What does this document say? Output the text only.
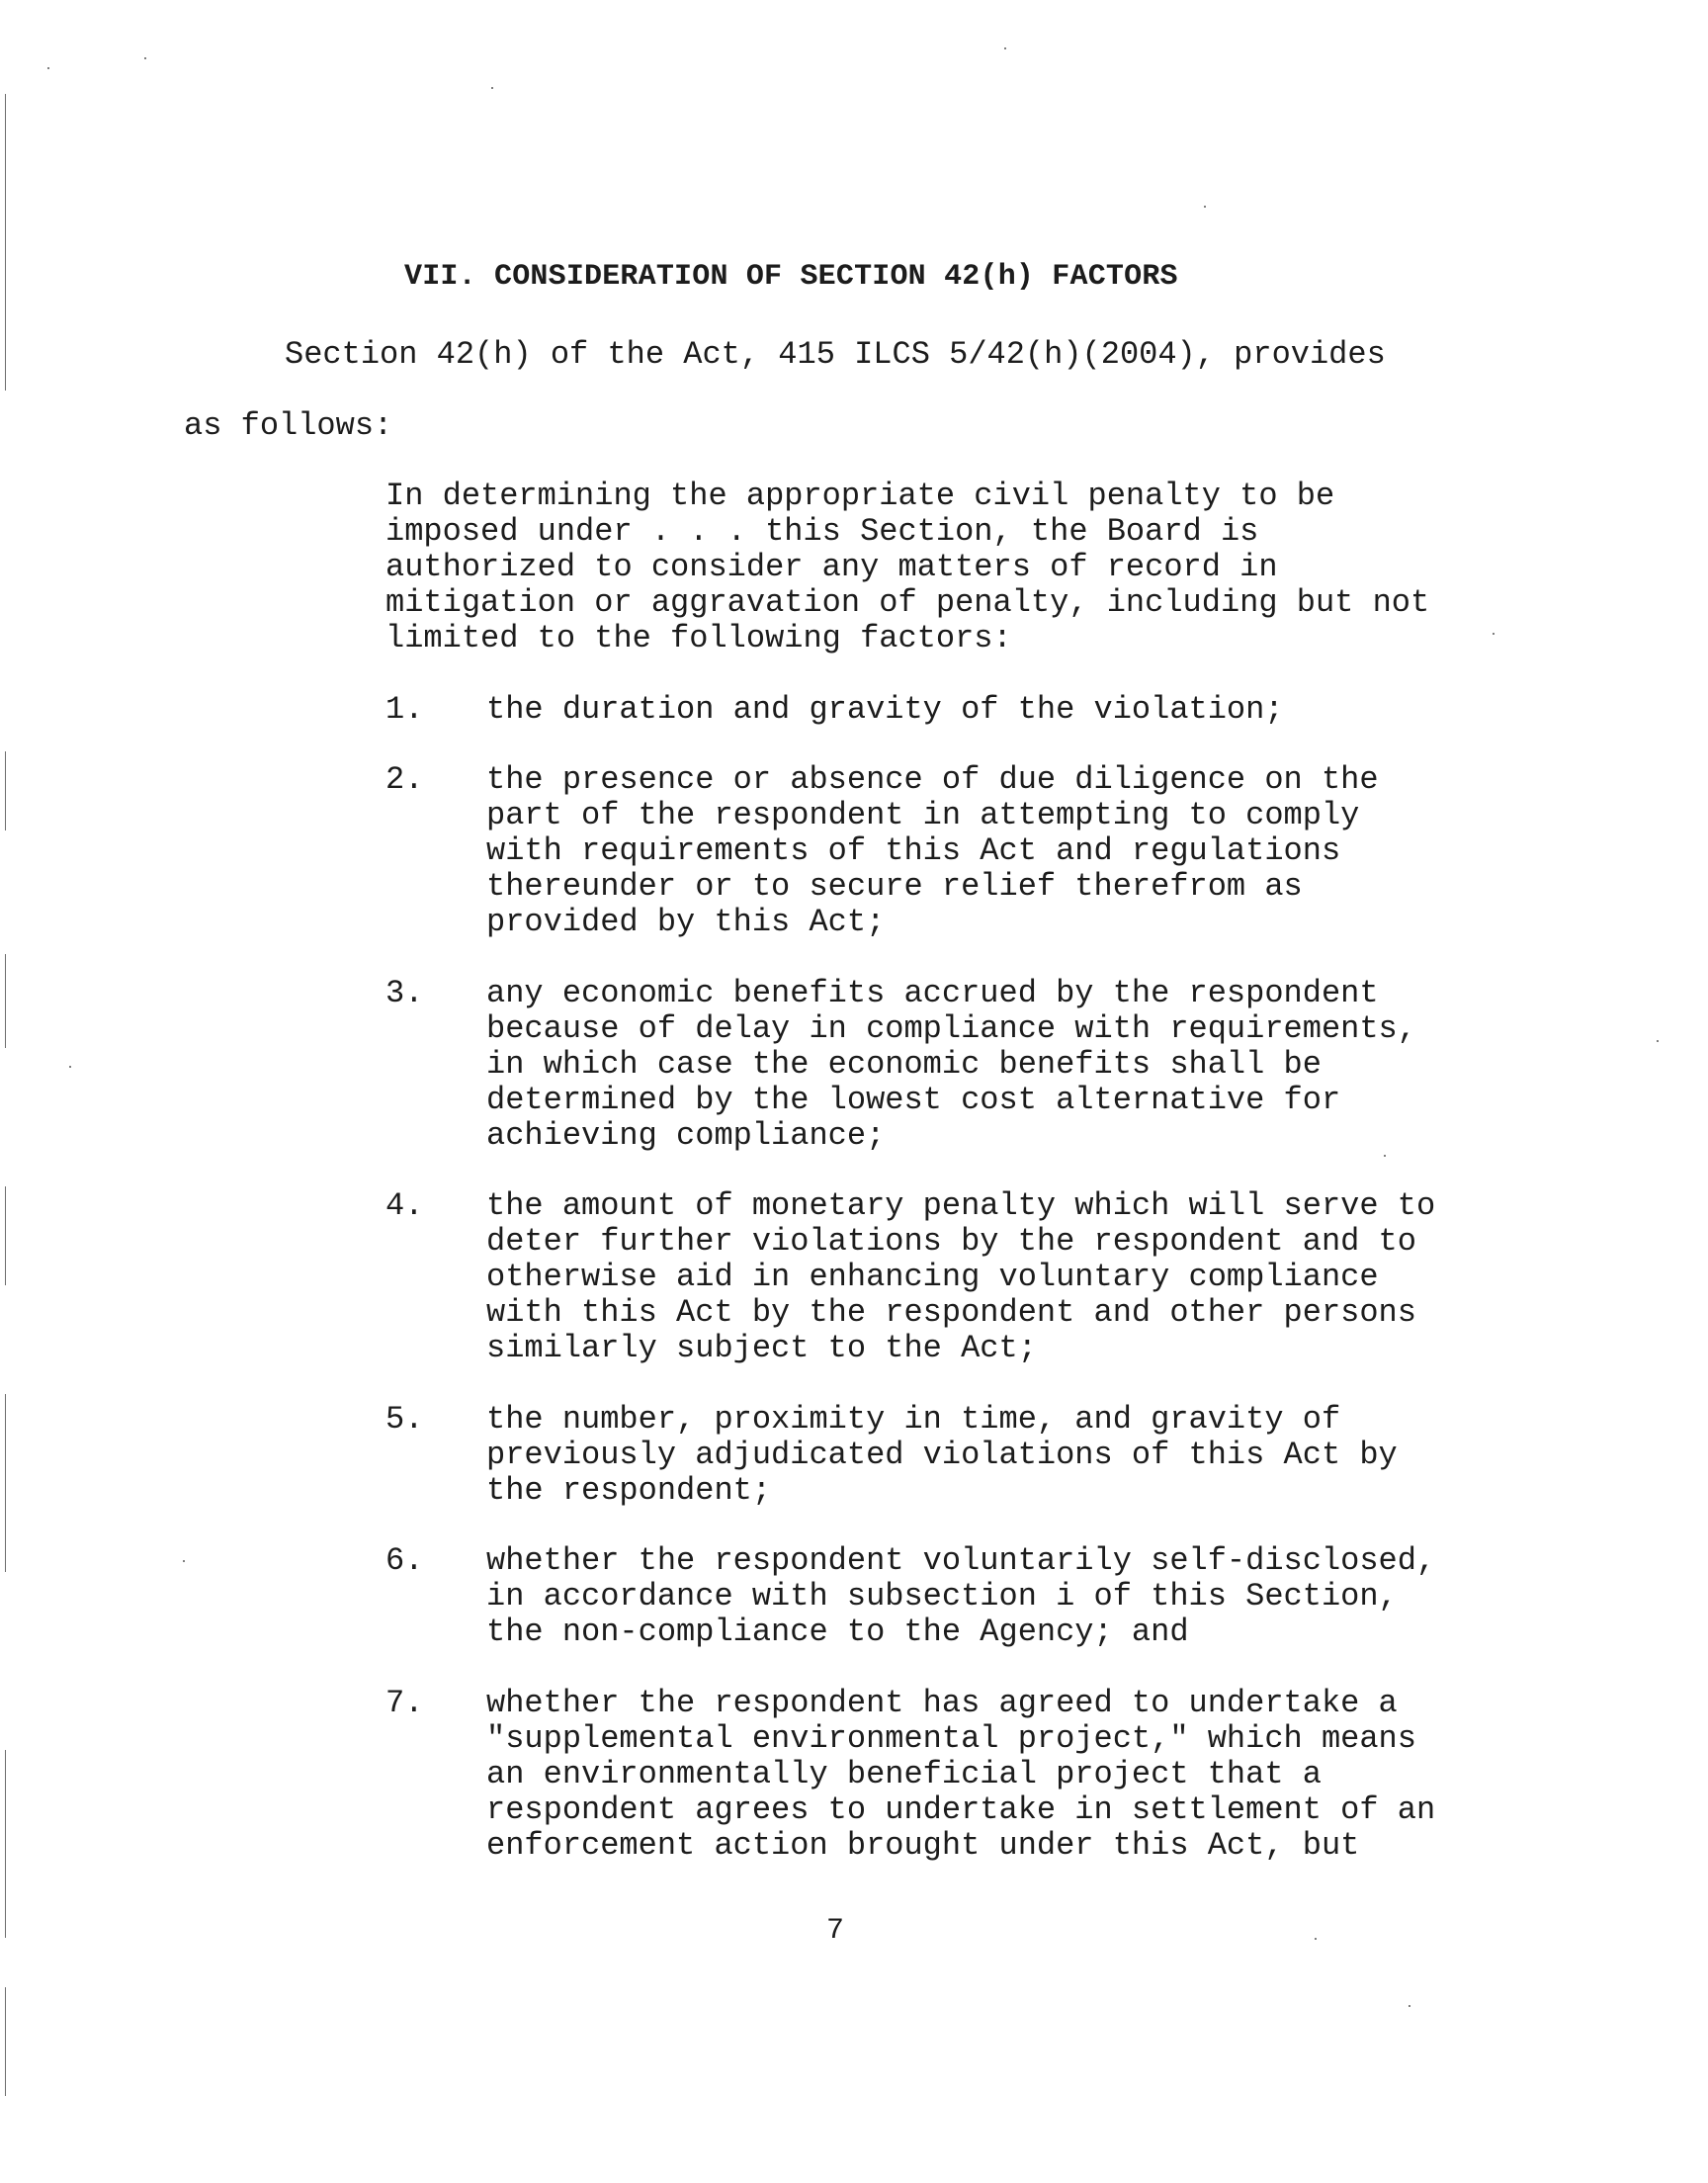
VII. CONSIDERATION OF SECTION 42(h) FACTORS
Section 42(h) of the Act, 415 ILCS 5/42(h)(2004), provides
as follows:
In determining the appropriate civil penalty to be
imposed under . . . this Section, the Board is
authorized to consider any matters of record in
mitigation or aggravation of penalty, including but not
limited to the following factors:
1. the duration and gravity of the violation;
2. the presence or absence of due diligence on the
part of the respondent in attempting to comply
with requirements of this Act and regulations
thereunder or to secure relief therefrom as
provided by this Act;
3. any economic benefits accrued by the respondent
because of delay in compliance with requirements,
in which case the economic benefits shall be
determined by the lowest cost alternative for
achieving compliance;
4. the amount of monetary penalty which will serve to
deter further violations by the respondent and to
otherwise aid in enhancing voluntary compliance
with this Act by the respondent and other persons
similarly subject to the Act;
5. the number, proximity in time, and gravity of
previously adjudicated violations of this Act by
the respondent;
6. whether the respondent voluntarily self-disclosed,
in accordance with subsection i of this Section,
the non-compliance to the Agency; and
7. whether the respondent has agreed to undertake a
"supplemental environmental project," which means
an environmentally beneficial project that a
respondent agrees to undertake in settlement of an
enforcement action brought under this Act, but
7
